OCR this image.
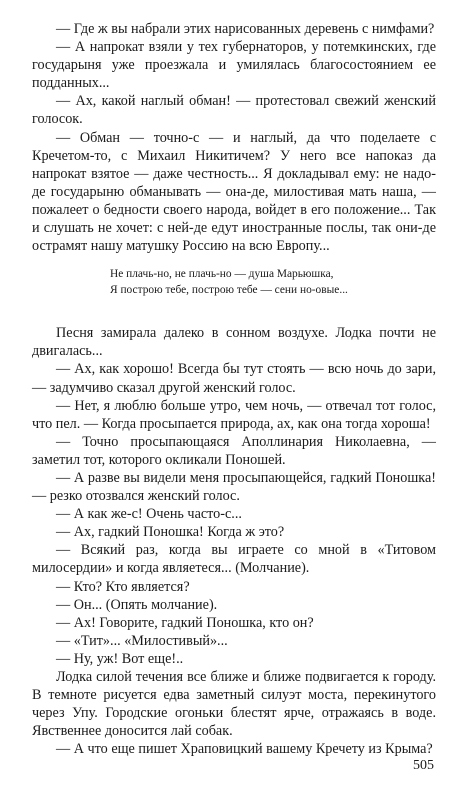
— Где ж вы набрали этих нарисованных деревень с нимфами?

— А напрокат взяли у тех губернаторов, у потемкинских, где государыня уже проезжала и умилялась благосостоянием ее подданных...

— Ах, какой наглый обман! — протестовал свежий женский голосок.

— Обман — точно-с — и наглый, да что поделаете с Кречетом-то, с Михаил Никитичем? У него все напоказ да напрокат взятое — даже честность... Я докладывал ему: не надо-де государыню обманывать — она-де, милостивая мать наша, — пожалеет о бедности своего народа, войдет в его положение... Так и слушать не хочет: с ней-де едут иностранные послы, так они-де острамят нашу матушку Россию на всю Европу...

Не плачь-но, не плачь-но — душа Марьюшка,
Я построю тебе, построю тебе — сени но-овые...

Песня замирала далеко в сонном воздухе. Лодка почти не двигалась...

— Ах, как хорошо! Всегда бы тут стоять — всю ночь до зари, — задумчиво сказал другой женский голос.

— Нет, я люблю больше утро, чем ночь, — отвечал тот голос, что пел. — Когда просыпается природа, ах, как она тогда хороша!

— Точно просыпающаяся Аполлинария Николаевна, — заметил тот, которого окликали Поношей.

— А разве вы видели меня просыпающейся, гадкий Поношка! — резко отозвался женский голос.

— А как же-с! Очень часто-с...

— Ах, гадкий Поношка! Когда ж это?

— Всякий раз, когда вы играете со мной в «Титовом милосердии» и когда являетеся... (Молчание).

— Кто? Кто является?

— Он... (Опять молчание).

— Ах! Говорите, гадкий Поношка, кто он?

— «Тит»... «Милостивый»...

— Ну, уж! Вот еще!..

Лодка силой течения все ближе и ближе подвигается к городу. В темноте рисуется едва заметный силуэт моста, перекинутого через Упу. Городские огоньки блестят ярче, отражаясь в воде. Явственнее доносится лай собак.

— А что еще пишет Храповицкий вашему Кречету из Крыма?

505
